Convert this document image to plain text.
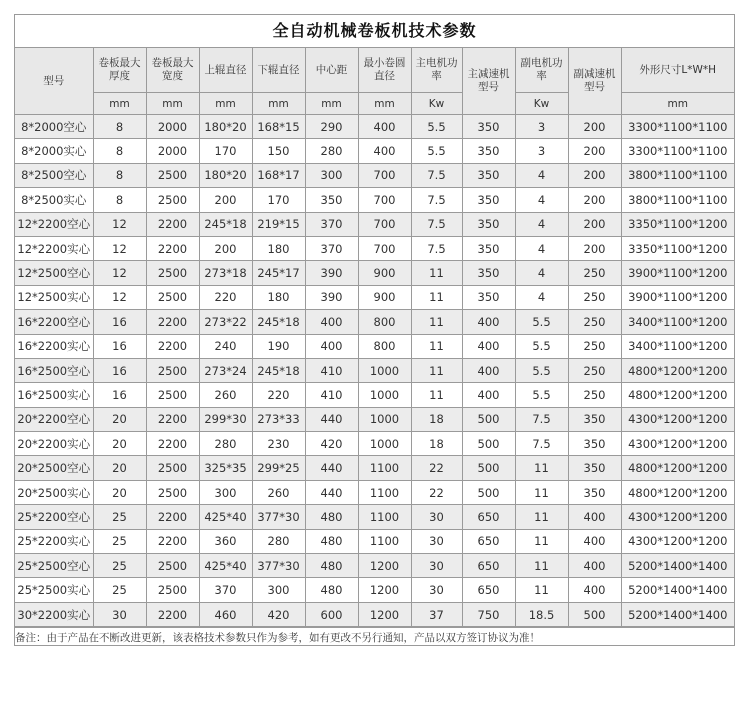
全自动机械卷板机技术参数
型号	卷板最大厚度	卷板最大宽度	上辊直径	下辊直径	中心距	最小卷圆直径	主电机功率	主减速机型号	副电机功率	副减速机型号	外形尺寸L*W*H
	mm	mm	mm	mm	mm	mm	Kw		Kw		mm
8*2000空心	8	2000	180*20	168*15	290	400	5.5	350	3	200	3300*1100*1100
8*2000实心	8	2000	170	150	280	400	5.5	350	3	200	3300*1100*1100
8*2500空心	8	2500	180*20	168*17	300	700	7.5	350	4	200	3800*1100*1100
8*2500实心	8	2500	200	170	350	700	7.5	350	4	200	3800*1100*1100
12*2200空心	12	2200	245*18	219*15	370	700	7.5	350	4	200	3350*1100*1200
12*2200实心	12	2200	200	180	370	700	7.5	350	4	200	3350*1100*1200
12*2500空心	12	2500	273*18	245*17	390	900	11	350	4	250	3900*1100*1200
12*2500实心	12	2500	220	180	390	900	11	350	4	250	3900*1100*1200
16*2200空心	16	2200	273*22	245*18	400	800	11	400	5.5	250	3400*1100*1200
16*2200实心	16	2200	240	190	400	800	11	400	5.5	250	3400*1100*1200
16*2500空心	16	2500	273*24	245*18	410	1000	11	400	5.5	250	4800*1200*1200
16*2500实心	16	2500	260	220	410	1000	11	400	5.5	250	4800*1200*1200
20*2200空心	20	2200	299*30	273*33	440	1000	18	500	7.5	350	4300*1200*1200
20*2200实心	20	2200	280	230	420	1000	18	500	7.5	350	4300*1200*1200
20*2500空心	20	2500	325*35	299*25	440	1100	22	500	11	350	4800*1200*1200
20*2500实心	20	2500	300	260	440	1100	22	500	11	350	4800*1200*1200
25*2200空心	25	2200	425*40	377*30	480	1100	30	650	11	400	4300*1200*1200
25*2200实心	25	2200	360	280	480	1100	30	650	11	400	4300*1200*1200
25*2500空心	25	2500	425*40	377*30	480	1200	30	650	11	400	5200*1400*1400
25*2500实心	25	2500	370	300	480	1200	30	650	11	400	5200*1400*1400
30*2200实心	30	2200	460	420	600	1200	37	750	18.5	500	5200*1400*1400
备注：由于产品在不断改进更新，该表格技术参数只作为参考，如有更改不另行通知，产品以双方签订协议为准！
